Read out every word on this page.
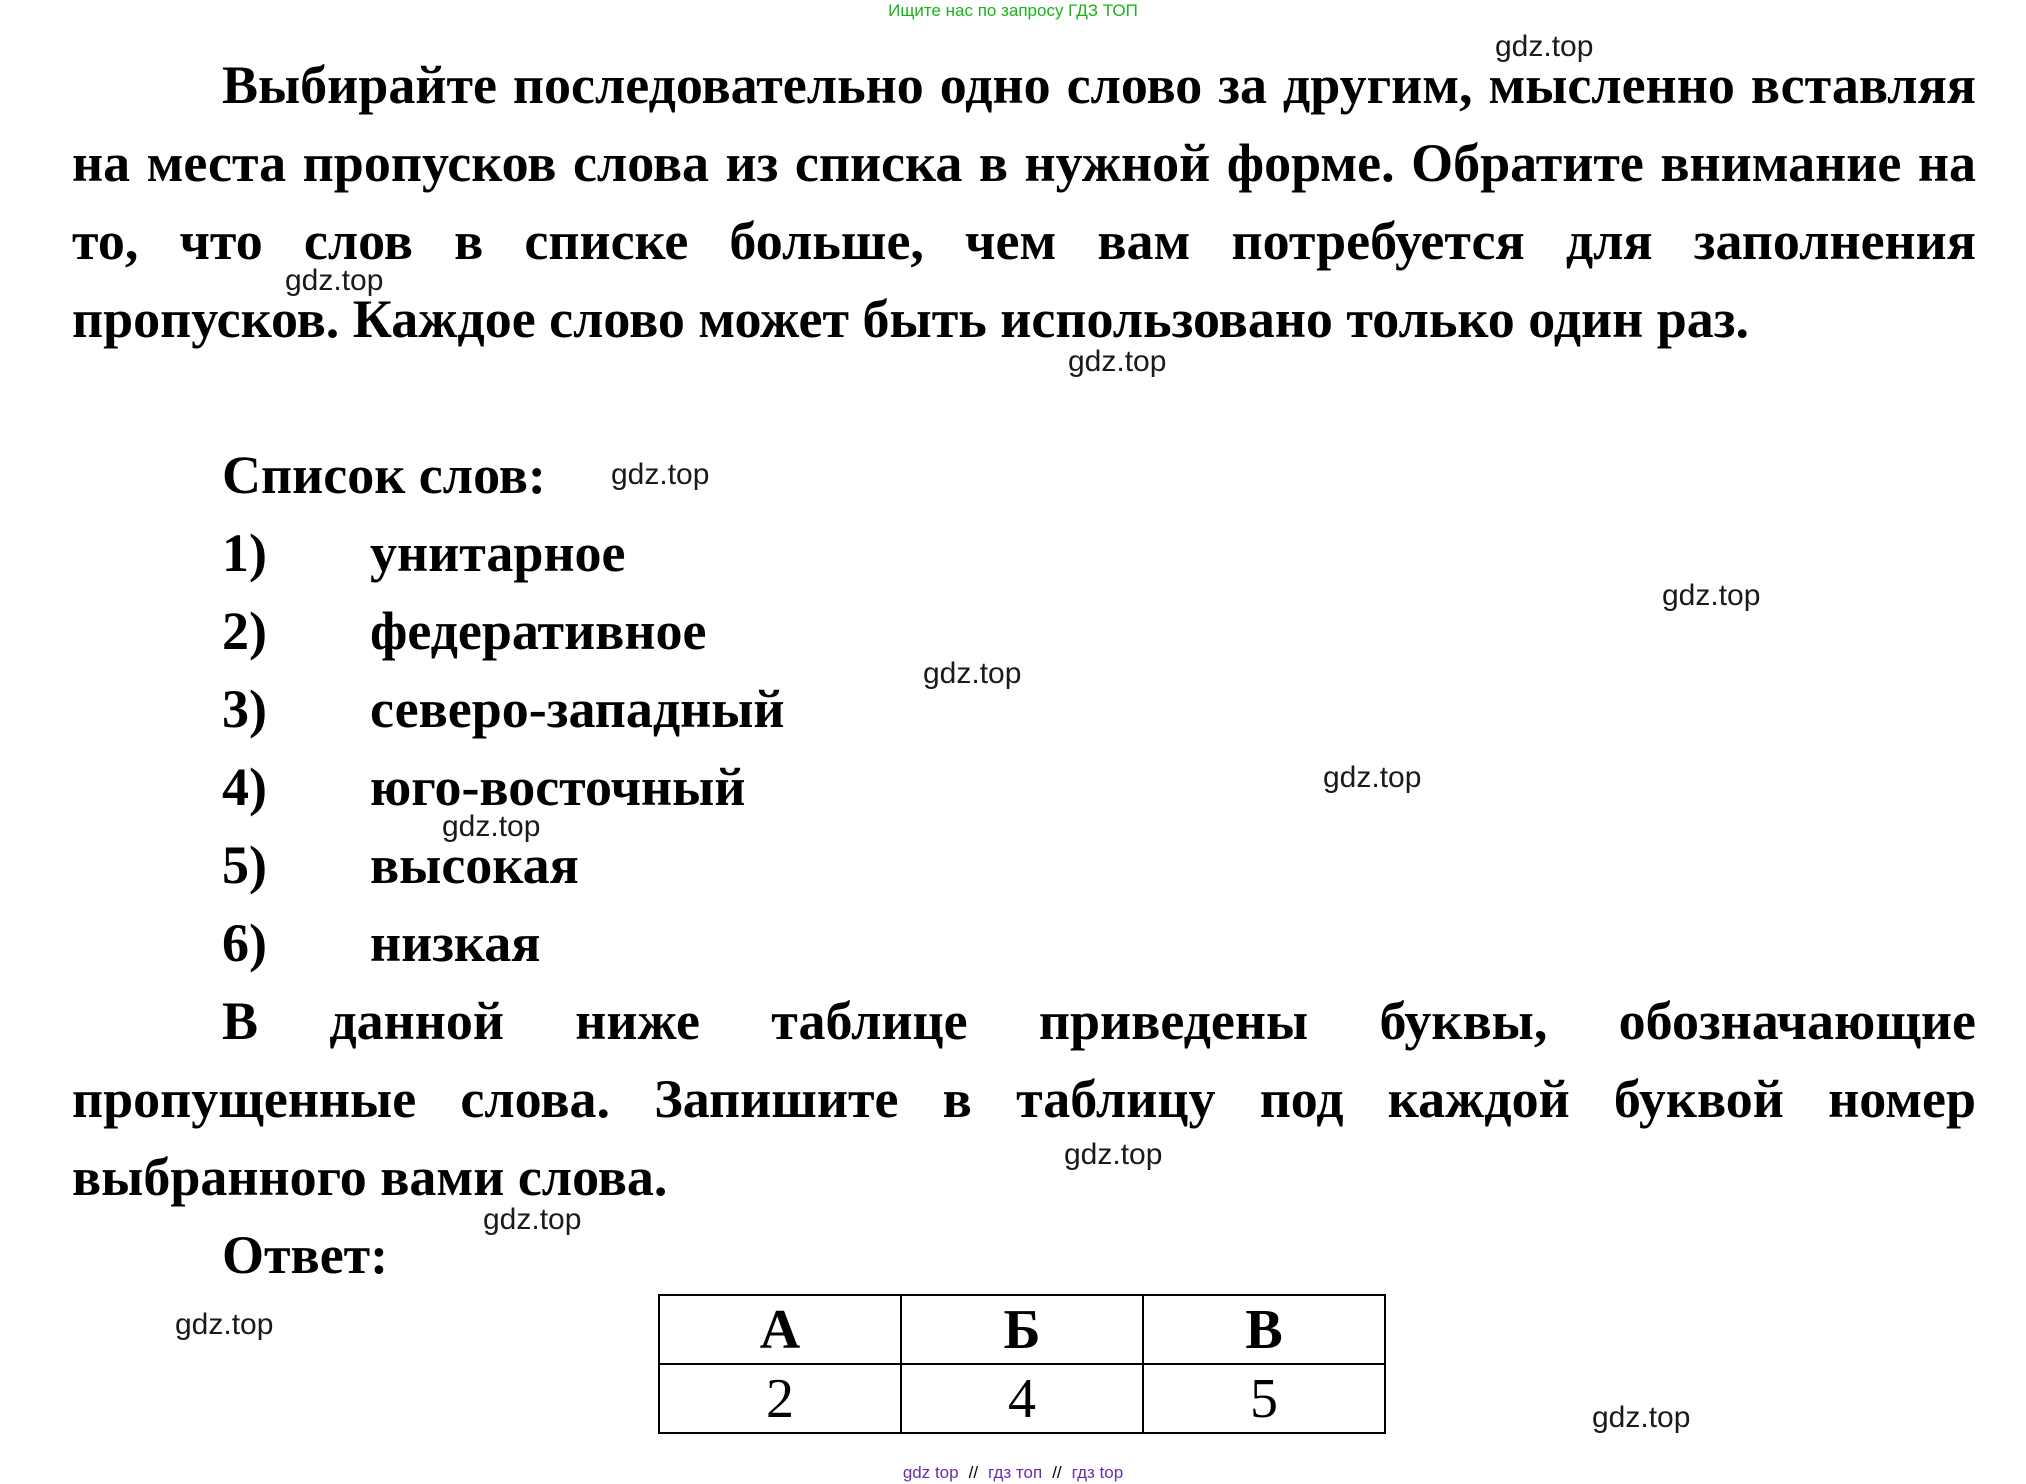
Ищите нас по запросу ГДЗ ТОП

Выбирайте последовательно одно слово за другим, мысленно вставляя на места пропусков слова из списка в нужной форме. Обратите внимание на то, что слов в списке больше, чем вам потребуется для заполнения пропусков. Каждое слово может быть использовано только один раз.

Список слов:

1) унитарное
2) федеративное
3) северо-западный
4) юго-восточный
5) высокая
6) низкая

В данной ниже таблице приведены буквы, обозначающие пропущенные слова. Запишите в таблицу под каждой буквой номер выбранного вами слова.

Ответ:

А	Б	В
2	4	5
gdz.top
gdz.top
gdz.top
gdz.top
gdz.top
gdz.top
gdz.top
gdz.top
gdz.top
gdz.top
gdz.top
gdz.top
gdz top // гдз топ // гдз top
